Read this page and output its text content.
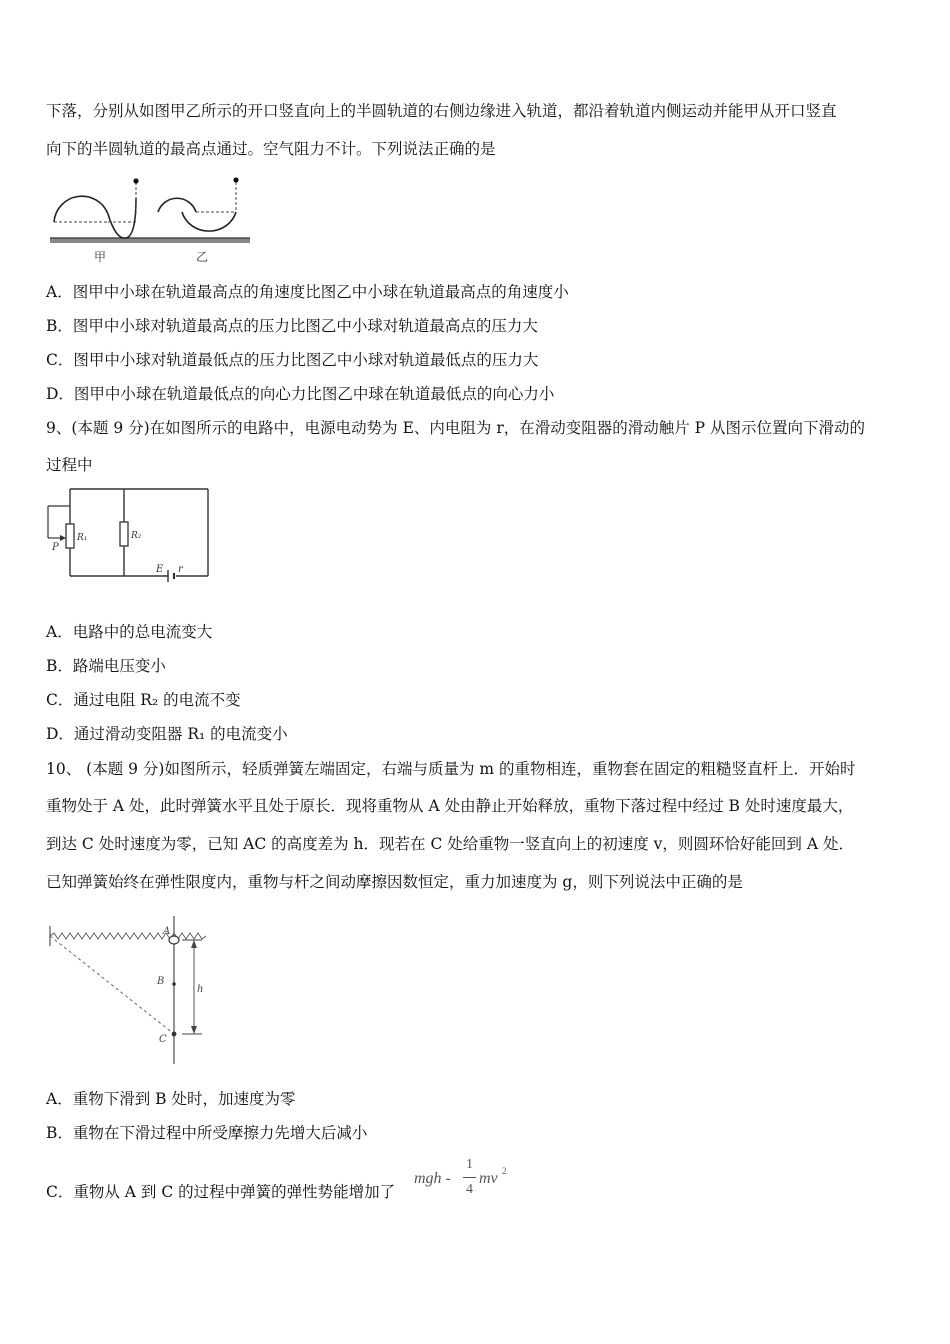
下落，分别从如图甲乙所示的开口竖直向上的半圆轨道的右侧边缘进入轨道，都沿着轨道内侧运动并能甲从开口竖直
向下的半圆轨道的最高点通过。空气阻力不计。下列说法正确的是
甲	乙
A．图甲中小球在轨道最高点的角速度比图乙中小球在轨道最高点的角速度小
B．图甲中小球对轨道最高点的压力比图乙中小球对轨道最高点的压力大
C．图甲中小球对轨道最低点的压力比图乙中小球对轨道最低点的压力大
D．图甲中小球在轨道最低点的向心力比图乙中球在轨道最低点的向心力小
9、(本题 9 分)在如图所示的电路中，电源电动势为 E、内电阻为 r，在滑动变阻器的滑动触片 P 从图示位置向下滑动的
过程中
P
R₁	R₂
E r
A．电路中的总电流变大
B．路端电压变小
C．通过电阻 R₂ 的电流不变
D．通过滑动变阻器 R₁ 的电流变小
10、 (本题 9 分)如图所示，轻质弹簧左端固定，右端与质量为 m 的重物相连，重物套在固定的粗糙竖直杆上．开始时
重物处于 A 处，此时弹簧水平且处于原长．现将重物从 A 处由静止开始释放，重物下落过程中经过 B 处时速度最大，
到达 C 处时速度为零，已知 AC 的高度差为 h．现若在 C 处给重物一竖直向上的初速度 v，则圆环恰好能回到 A 处．
已知弹簧始终在弹性限度内，重物与杆之间动摩擦因数恒定，重力加速度为 g，则下列说法中正确的是
A
B
C
h
A．重物下滑到 B 处时，加速度为零
B．重物在下滑过程中所受摩擦力先增大后减小
C．重物从 A 到 C 的过程中弹簧的弹性势能增加了
mgh -
1
4
mv 2
